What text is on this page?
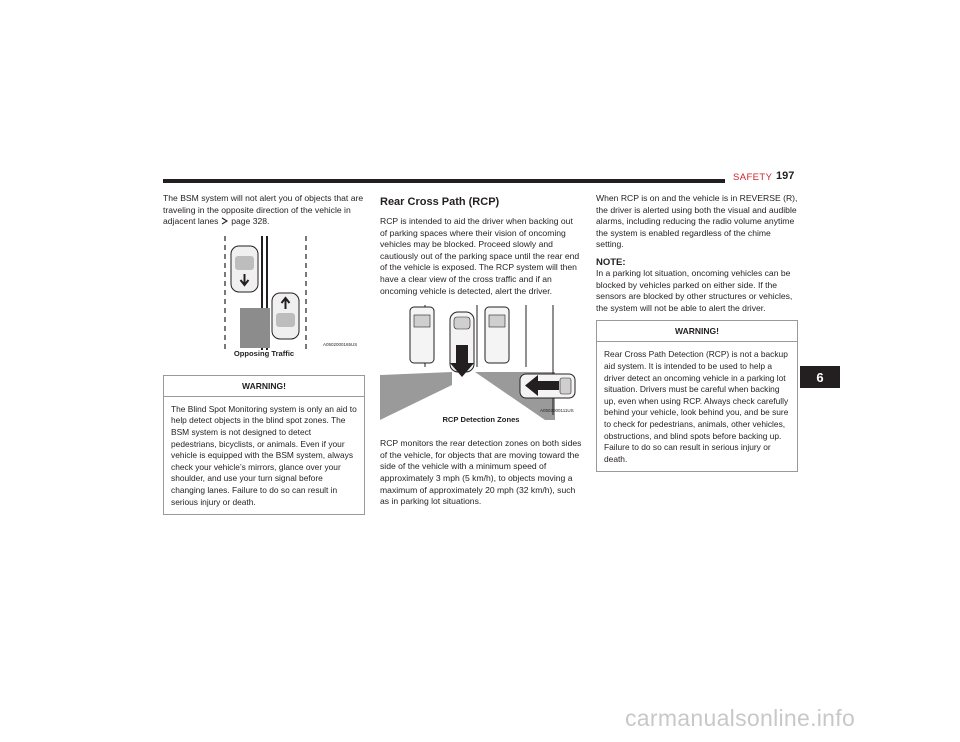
SAFETY 197

The BSM system will not alert you of objects that are traveling in the opposite direction of the vehicle in adjacent lanes page 328.

A0502000165US
Opposing Traffic
WARNING!
The Blind Spot Monitoring system is only an aid to help detect objects in the blind spot zones. The BSM system is not designed to detect pedestrians, bicyclists, or animals. Even if your vehicle is equipped with the BSM system, always check your vehicle’s mirrors, glance over your shoulder, and use your turn signal before changing lanes. Failure to do so can result in serious injury or death.
Rear Cross Path (RCP)

RCP is intended to aid the driver when backing out of parking spaces where their vision of oncoming vehicles may be blocked. Proceed slowly and cautiously out of the parking space until the rear end of the vehicle is exposed. The RCP system will then have a clear view of the cross traffic and if an oncoming vehicle is detected, alert the driver.

A0502000111US
RCP Detection Zones

RCP monitors the rear detection zones on both sides of the vehicle, for objects that are moving toward the side of the vehicle with a minimum speed of approximately 3 mph (5 km/h), to objects moving a maximum of approximately 20 mph (32 km/h), such as in parking lot situations.

When RCP is on and the vehicle is in REVERSE (R), the driver is alerted using both the visual and audible alarms, including reducing the radio volume anytime the system is enabled regardless of the chime setting.

NOTE:

In a parking lot situation, oncoming vehicles can be blocked by vehicles parked on either side. If the sensors are blocked by other structures or vehicles, the system will not be able to alert the driver.

WARNING!
Rear Cross Path Detection (RCP) is not a backup aid system. It is intended to be used to help a driver detect an oncoming vehicle in a parking lot situation. Drivers must be careful when backing up, even when using RCP. Always check carefully behind your vehicle, look behind you, and be sure to check for pedestrians, animals, other vehicles, obstructions, and blind spots before backing up. Failure to do so can result in serious injury or death.
6
carmanualsonline.info
